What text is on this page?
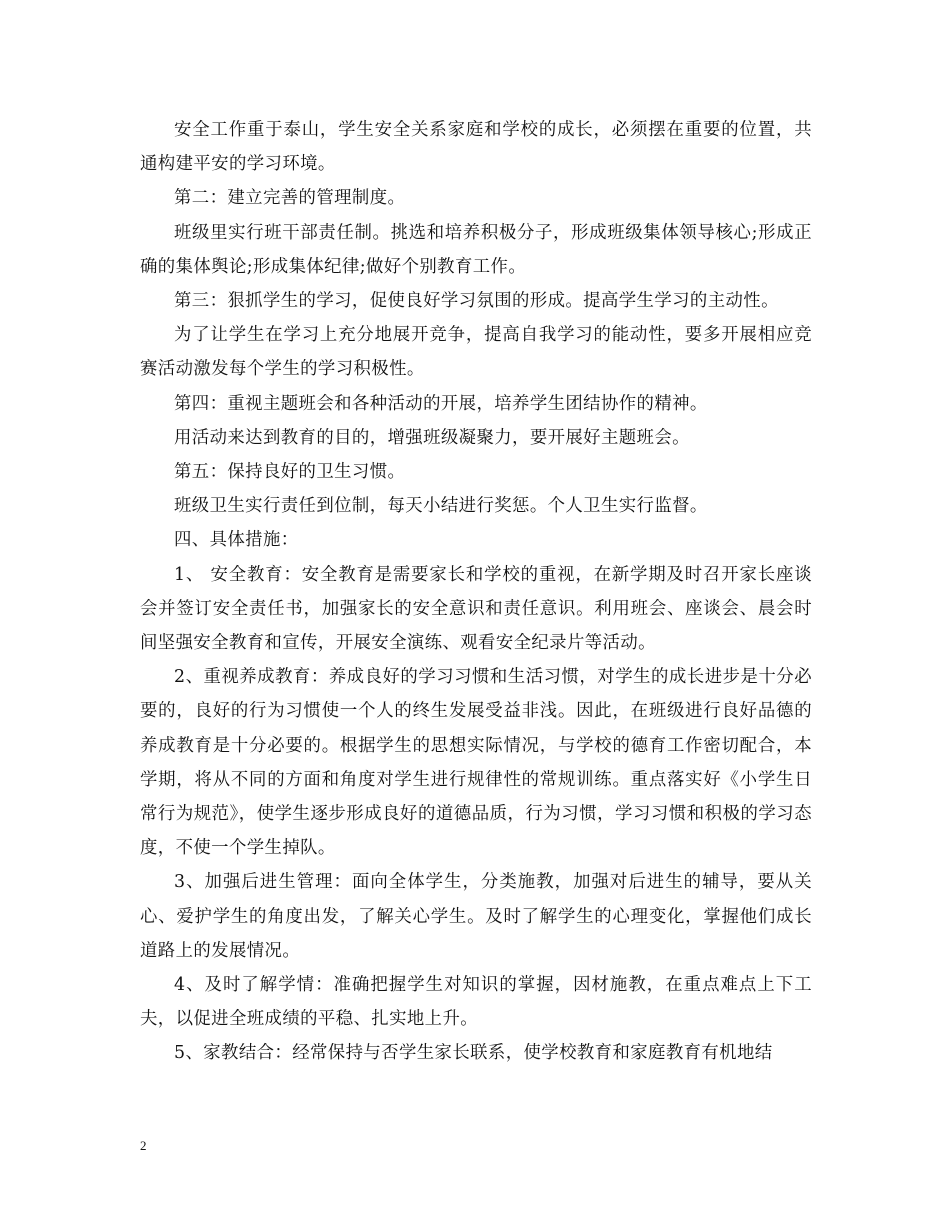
安全工作重于泰山，学生安全关系家庭和学校的成长，必须摆在重要的位置，共通构建平安的学习环境。

第二：建立完善的管理制度。

班级里实行班干部责任制。挑选和培养积极分子，形成班级集体领导核心;形成正确的集体舆论;形成集体纪律;做好个别教育工作。

第三：狠抓学生的学习，促使良好学习氛围的形成。提高学生学习的主动性。

为了让学生在学习上充分地展开竞争，提高自我学习的能动性，要多开展相应竞赛活动激发每个学生的学习积极性。

第四：重视主题班会和各种活动的开展，培养学生团结协作的精神。

用活动来达到教育的目的，增强班级凝聚力，要开展好主题班会。

第五：保持良好的卫生习惯。

班级卫生实行责任到位制，每天小结进行奖惩。个人卫生实行监督。

四、具体措施：

1、 安全教育：安全教育是需要家长和学校的重视，在新学期及时召开家长座谈会并签订安全责任书，加强家长的安全意识和责任意识。利用班会、座谈会、晨会时间坚强安全教育和宣传，开展安全演练、观看安全纪录片等活动。

2、重视养成教育：养成良好的学习习惯和生活习惯，对学生的成长进步是十分必要的，良好的行为习惯使一个人的终生发展受益非浅。因此，在班级进行良好品德的养成教育是十分必要的。根据学生的思想实际情况，与学校的德育工作密切配合，本学期，将从不同的方面和角度对学生进行规律性的常规训练。重点落实好《小学生日常行为规范》，使学生逐步形成良好的道德品质，行为习惯，学习习惯和积极的学习态度，不使一个学生掉队。

3、加强后进生管理：面向全体学生，分类施教，加强对后进生的辅导，要从关心、爱护学生的角度出发，了解关心学生。及时了解学生的心理变化，掌握他们成长道路上的发展情况。

4、及时了解学情：准确把握学生对知识的掌握，因材施教，在重点难点上下工夫，以促进全班成绩的平稳、扎实地上升。

5、家教结合：经常保持与否学生家长联系，使学校教育和家庭教育有机地结

2
